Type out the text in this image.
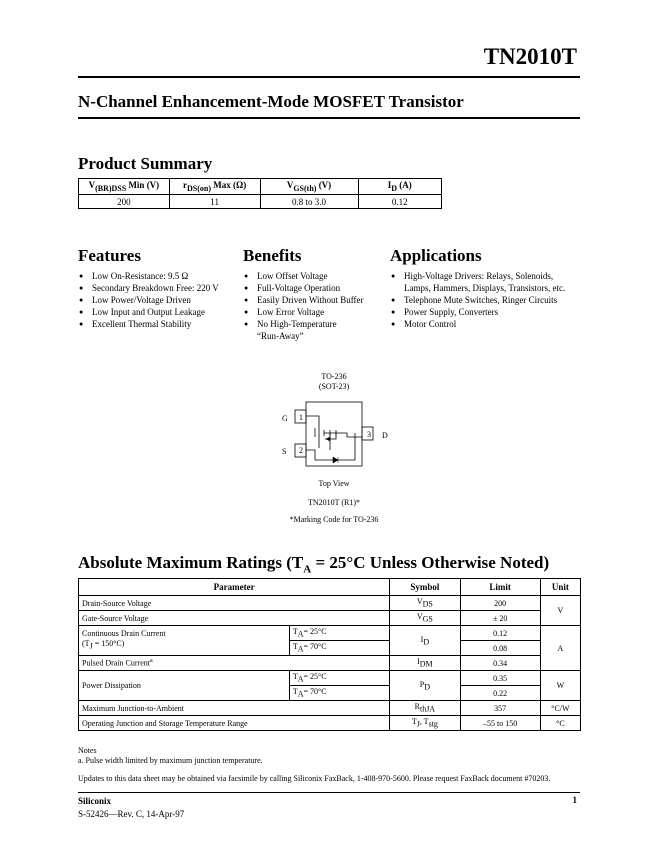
TN2010T
N-Channel Enhancement-Mode MOSFET Transistor
Product Summary
$V_{(BR)DSS}$ Min (V)	$r_{DS(on)}$ Max (Ω)	$V_{GS(th)}$ (V)	$I_D$ (A)
200	11	0.8 to 3.0	0.12
Features
● Low On-Resistance: 9.5 Ω
● Secondary Breakdown Free: 220 V
● Low Power/Voltage Driven
● Low Input and Output Leakage
● Excellent Thermal Stability
Benefits
● Low Offset Voltage
● Full-Voltage Operation
● Easily Driven Without Buffer
● Low Error Voltage
● No High-Temperature
“Run-Away”
Applications
● High-Voltage Drivers: Relays, Solenoids,
Lamps, Hammers, Displays, Transistors, etc.
● Telephone Mute Switches, Ringer Circuits
● Power Supply, Converters
● Motor Control
TO-236
(SOT-23)
G
S
D
1
2
3
Top View
TN2010T (R1)*
*Marking Code for TO-236
Absolute Maximum Ratings ($T_A = 25^\circ C$ Unless Otherwise Noted)
Parameter		Symbol	Limit	Unit
Drain-Source Voltage		$V_{DS}$	200	V
Gate-Source Voltage		$V_{GS}$	± 20	
Continuous Drain Current
$(T_J = 150^\circ C)$	$T_A= 25^\circ C$	$I_D$	0.12	A
	$T_A= 70^\circ C$		0.08	
Pulsed Drain Current$^a$		$I_{DM}$	0.34	
Power Dissipation	$T_A= 25^\circ C$	$P_D$	0.35	W
	$T_A= 70^\circ C$		0.22	
Maximum Junction-to-Ambient		$R_{thJA}$	357	°C/W
Operating Junction and Storage Temperature Range		$T_J$, $T_{stg}$	–55 to 150	°C
Notes
a. Pulse width limited by maximum junction temperature.
Updates to this data sheet may be obtained via facsimile by calling Siliconix FaxBack, 1-408-970-5600. Please request FaxBack document #70203.
Siliconix
S-52426—Rev. C, 14-Apr-97
1
